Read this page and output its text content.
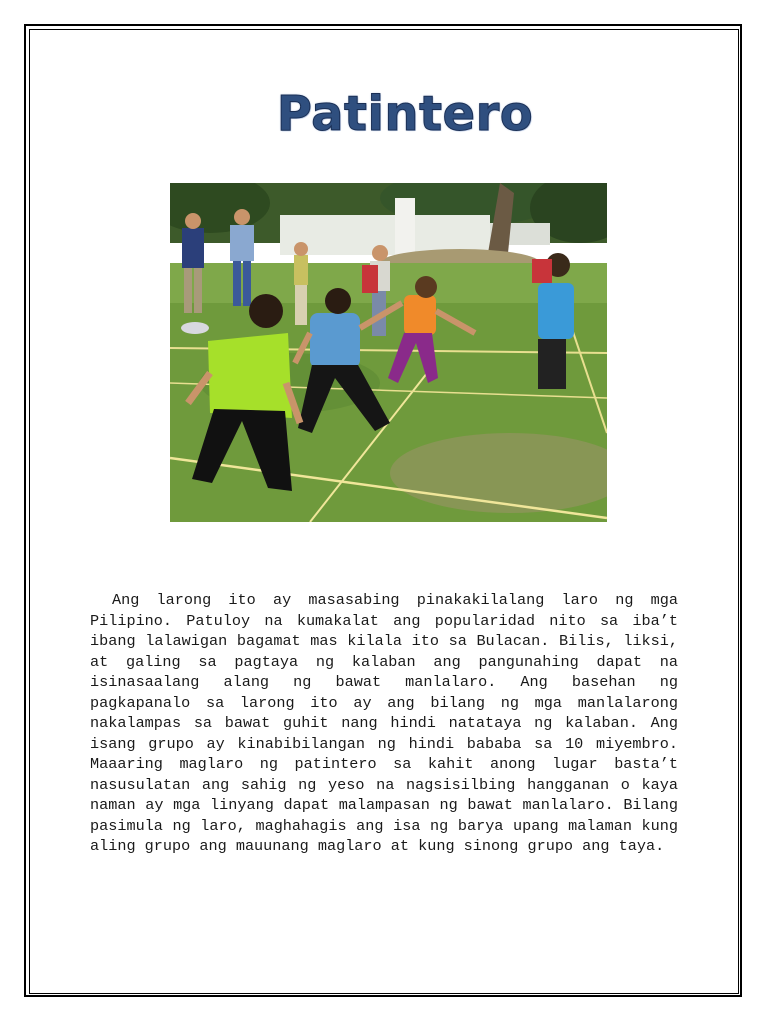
Patintero

Ang larong ito ay masasabing pinakakilalang laro ng mga Pilipino. Patuloy na kumakalat ang popularidad nito sa iba’t ibang lalawigan bagamat mas kilala ito sa Bulacan. Bilis, liksi, at galing sa pagtaya ng kalaban ang pangunahing dapat na isinasaalang alang ng bawat manlalaro. Ang basehan ng pagkapanalo sa larong ito ay ang bilang ng mga manlalarong nakalampas sa bawat guhit nang hindi natataya ng kalaban. Ang isang grupo ay kinabibilangan ng hindi bababa sa 10 miyembro. Maaaring maglaro ng patintero sa kahit anong lugar basta’t nasusulatan ang sahig ng yeso na nagsisilbing hangganan o kaya naman ay mga linyang dapat malampasan ng bawat manlalaro. Bilang pasimula ng laro, maghahagis ang isa ng barya upang malaman kung aling grupo ang mauunang maglaro at kung sinong grupo ang taya.
